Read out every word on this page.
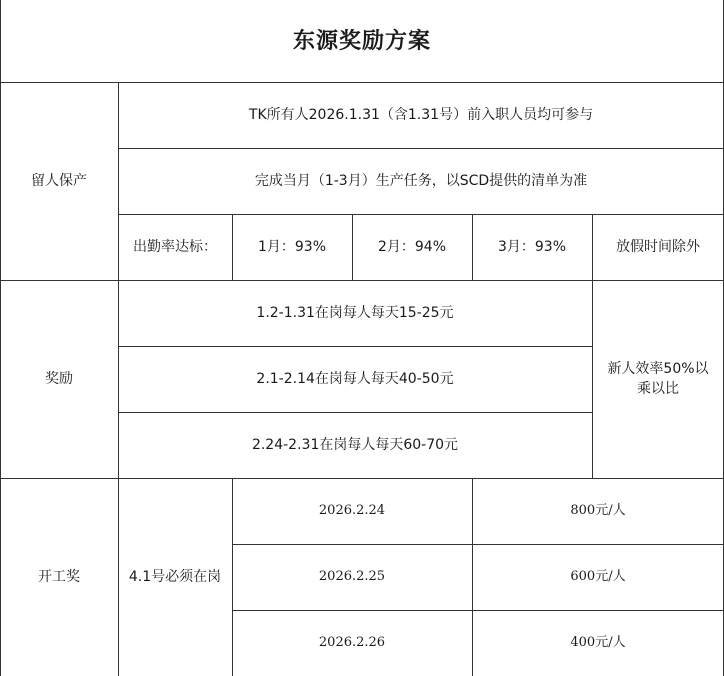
东源奖励方案
留人保产
TK所有人2026.1.31（含1.31号）前入职人员均可参与
完成当月（1-3月）生产任务，以SCD提供的清单为准
出勤率达标：	1月：93%	2月：94%	3月：93%	放假时间除外
奖励
1.2-1.31在岗每人每天15-25元
2.1-2.14在岗每人每天40-50元
2.24-2.31在岗每人每天60-70元
新人效率50%以乘以比
开工奖	4.1号必须在岗
2026.2.24	800元/人
2026.2.25	600元/人
2026.2.26	400元/人
